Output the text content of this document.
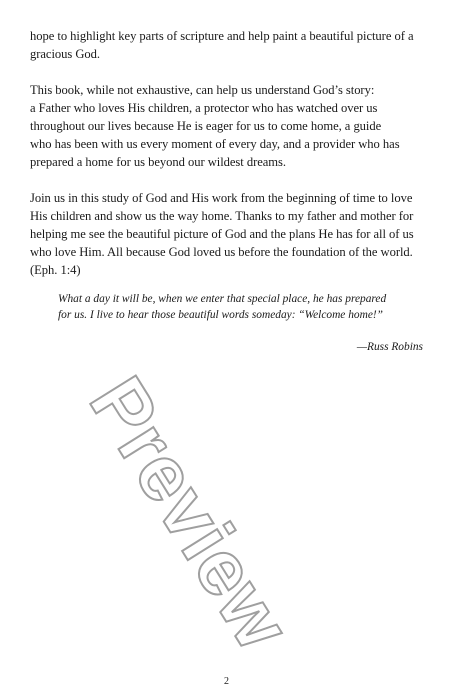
hope to highlight key parts of scripture and help paint a beautiful picture of a
gracious God.
This book, while not exhaustive, can help us understand God’s story:
a Father who loves His children, a protector who has watched over us
throughout our lives because He is eager for us to come home, a guide
who has been with us every moment of every day, and a provider who has
prepared a home for us beyond our wildest dreams.
Join us in this study of God and His work from the beginning of time to love
His children and show us the way home. Thanks to my father and mother for
helping me see the beautiful picture of God and the plans He has for all of us
who love Him. All because God loved us before the foundation of the world.
(Eph. 1:4)
What a day it will be, when we enter that special place, he has prepared
for us. I live to hear those beautiful words someday: “Welcome home!”
—Russ Robins
Preview
2
